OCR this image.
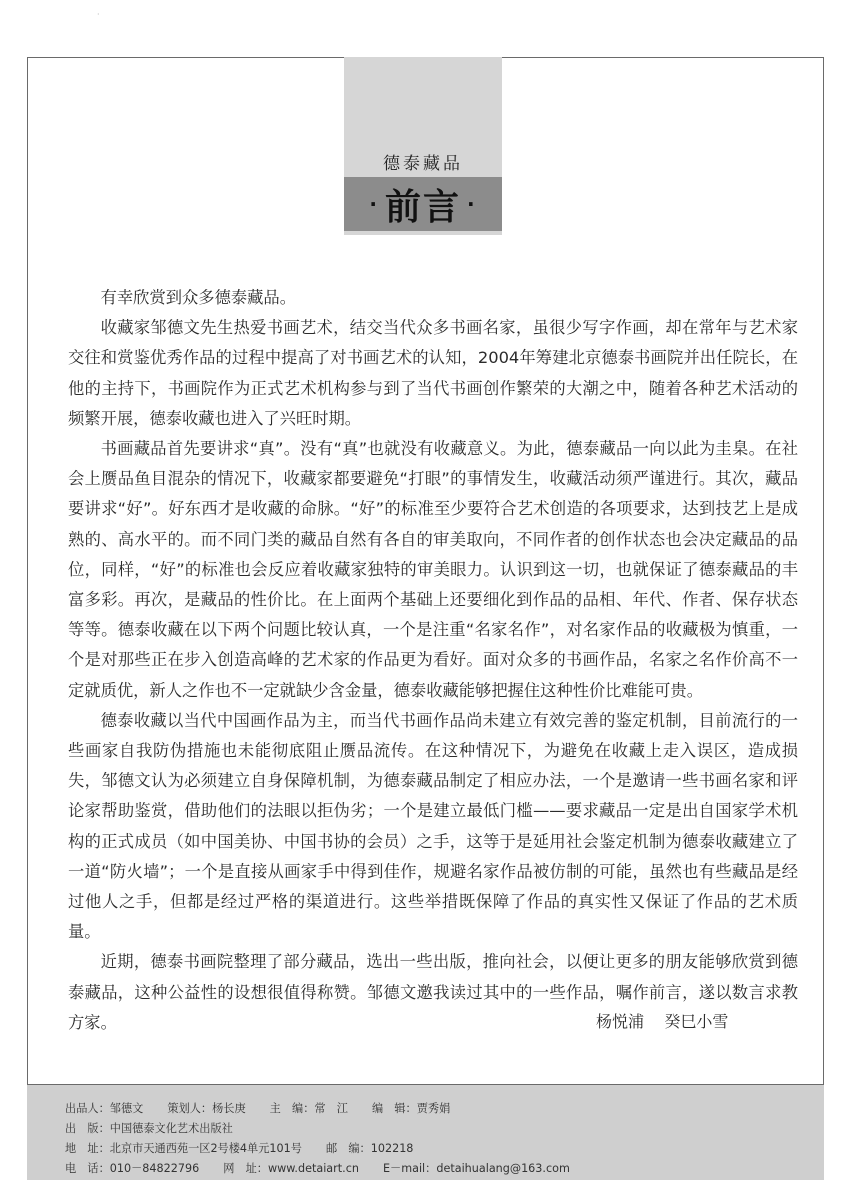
·
德泰藏品
· 前言 ·

有幸欣赏到众多德泰藏品。

收藏家邹德文先生热爱书画艺术，结交当代众多书画名家，虽很少写字作画，却在常年与艺术家交往和赏鉴优秀作品的过程中提高了对书画艺术的认知，2004年筹建北京德泰书画院并出任院长，在他的主持下，书画院作为正式艺术机构参与到了当代书画创作繁荣的大潮之中，随着各种艺术活动的频繁开展，德泰收藏也进入了兴旺时期。

书画藏品首先要讲求“真”。没有“真”也就没有收藏意义。为此，德泰藏品一向以此为圭臬。在社会上赝品鱼目混杂的情况下，收藏家都要避免“打眼”的事情发生，收藏活动须严谨进行。其次，藏品要讲求“好”。好东西才是收藏的命脉。“好”的标准至少要符合艺术创造的各项要求，达到技艺上是成熟的、高水平的。而不同门类的藏品自然有各自的审美取向，不同作者的创作状态也会决定藏品的品位，同样，“好”的标准也会反应着收藏家独特的审美眼力。认识到这一切，也就保证了德泰藏品的丰富多彩。再次，是藏品的性价比。在上面两个基础上还要细化到作品的品相、年代、作者、保存状态等等。德泰收藏在以下两个问题比较认真，一个是注重“名家名作”，对名家作品的收藏极为慎重，一个是对那些正在步入创造高峰的艺术家的作品更为看好。面对众多的书画作品，名家之名作价高不一定就质优，新人之作也不一定就缺少含金量，德泰收藏能够把握住这种性价比难能可贵。

德泰收藏以当代中国画作品为主，而当代书画作品尚未建立有效完善的鉴定机制，目前流行的一些画家自我防伪措施也未能彻底阻止赝品流传。在这种情况下，为避免在收藏上走入误区，造成损失，邹德文认为必须建立自身保障机制，为德泰藏品制定了相应办法，一个是邀请一些书画名家和评论家帮助鉴赏，借助他们的法眼以拒伪劣；一个是建立最低门槛——要求藏品一定是出自国家学术机构的正式成员（如中国美协、中国书协的会员）之手，这等于是延用社会鉴定机制为德泰收藏建立了一道“防火墙”；一个是直接从画家手中得到佳作，规避名家作品被仿制的可能，虽然也有些藏品是经过他人之手，但都是经过严格的渠道进行。这些举措既保障了作品的真实性又保证了作品的艺术质量。

近期，德泰书画院整理了部分藏品，选出一些出版，推向社会，以便让更多的朋友能够欣赏到德泰藏品，这种公益性的设想很值得称赞。邹德文邀我读过其中的一些作品，嘱作前言，遂以数言求教方家。	杨悦浦    癸巳小雪
出品人：邹德文 策划人：杨长庚 主　编：常　江 编　辑：贾秀娟
出　版：中国德泰文化艺术出版社
地　址：北京市天通西苑一区2号楼4单元101号 邮　编：102218
电　话：010－84822796 网　址：www.detaiart.cn E－mail：detaihualang@163.com
